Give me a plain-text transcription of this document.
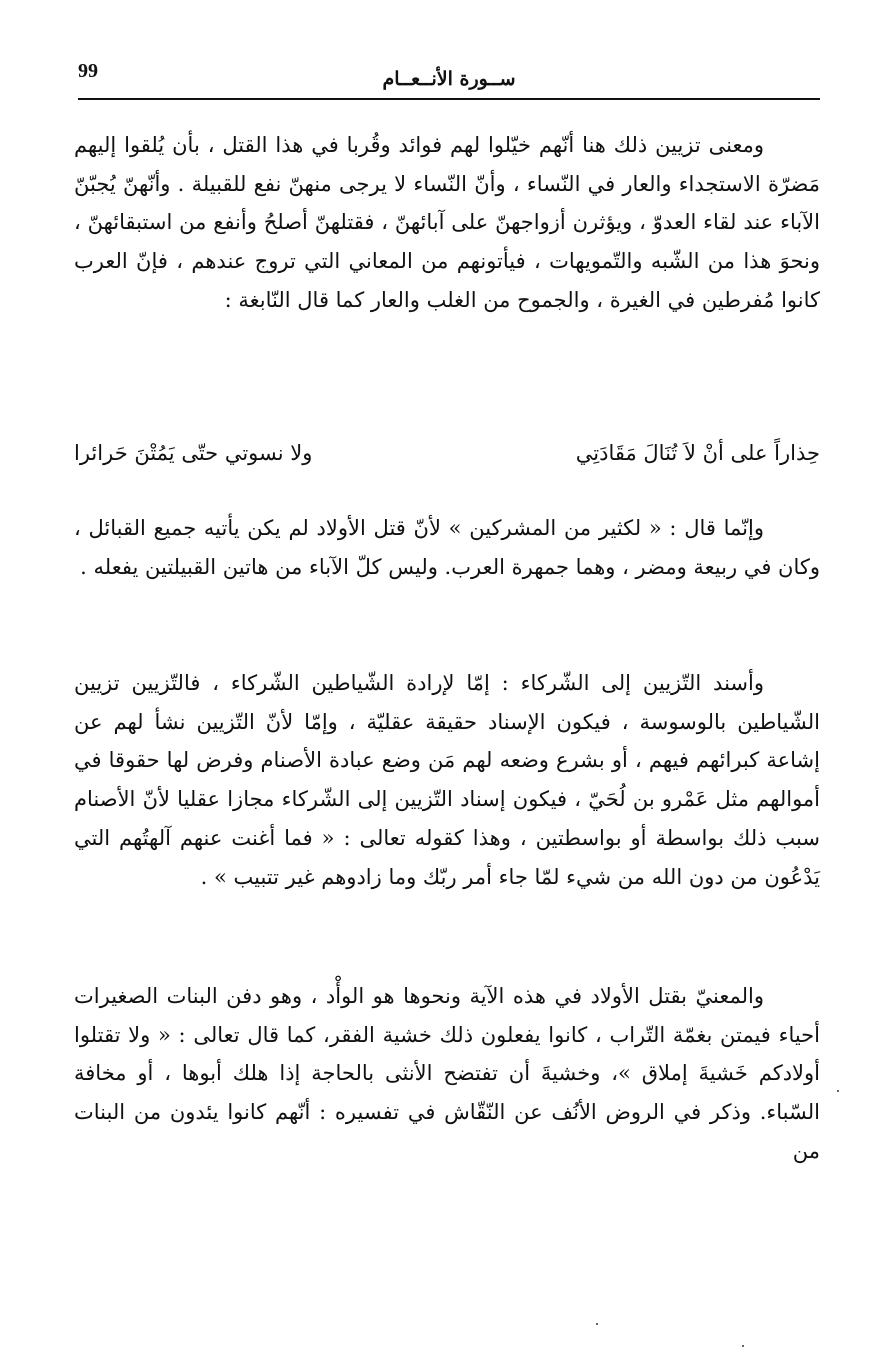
99	ســورة الأنــعــام

ومعنى تزيين ذلك هنا أنّهم خيّلوا لهم فوائد وقُربا في هذا القتل ، بأن يُلقوا إليهم مَضرّة الاستجداء والعار في النّساء ، وأنّ النّساء لا يرجى منهنّ نفع للقبيلة . وأنّهنّ يُجبّنّ الآباء عند لقاء العدوّ ، ويؤثرن أزواجهنّ على آبائهنّ ، فقتلهنّ أصلحُ وأنفع من استبقائهنّ ، ونحوَ هذا من الشّبه والتّمويهات ، فيأتونهم من المعاني التي تروج عندهم ، فإنّ العرب كانوا مُفرطين في الغيرة ، والجموح من الغلب والعار كما قال النّابغة :

حِذاراً على أنْ لاَ تُنَالَ مَقَادَتِي
ولا نسوتي حتّى يَمُتْنَ حَرائرا

وإنّما قال : « لكثير من المشركين » لأنّ قتل الأولاد لم يكن يأتيه جميع القبائل ، وكان في ربيعة ومضر ، وهما جمهرة العرب. وليس كلّ الآباء من هاتين القبيلتين يفعله .

وأسند التّزيين إلى الشّركاء : إمّا لإرادة الشّياطين الشّركاء ، فالتّزيين تزيين الشّياطين بالوسوسة ، فيكون الإسناد حقيقة عقليّة ، وإمّا لأنّ التّزيين نشأ لهم عن إشاعة كبرائهم فيهم ، أو بشرع وضعه لهم مَن وضع عبادة الأصنام وفرض لها حقوقا في أموالهم مثل عَمْرو بن لُحَيّ ، فيكون إسناد التّزيين إلى الشّركاء مجازا عقليا لأنّ الأصنام سبب ذلك بواسطة أو بواسطتين ، وهذا كقوله تعالى : « فما أغنت عنهم آلهتُهم التي يَدْعُون من دون الله من شيء لمّا جاء أمر ربّك وما زادوهم غير تتبيب » .

والمعنيّ بقتل الأولاد في هذه الآية ونحوها هو الوأْد ، وهو دفن البنات الصغيرات أحياء فيمتن بغمّة التّراب ، كانوا يفعلون ذلك خشية الفقر، كما قال تعالى : « ولا تقتلوا أولادكم خَشيةَ إملاق »، وخشيةَ أن تفتضح الأنثى بالحاجة إذا هلك أبوها ، أو مخافة السّباء. وذكر في الروض الأنُف عن النّقّاش في تفسيره : أنّهم كانوا يئدون من البنات من
